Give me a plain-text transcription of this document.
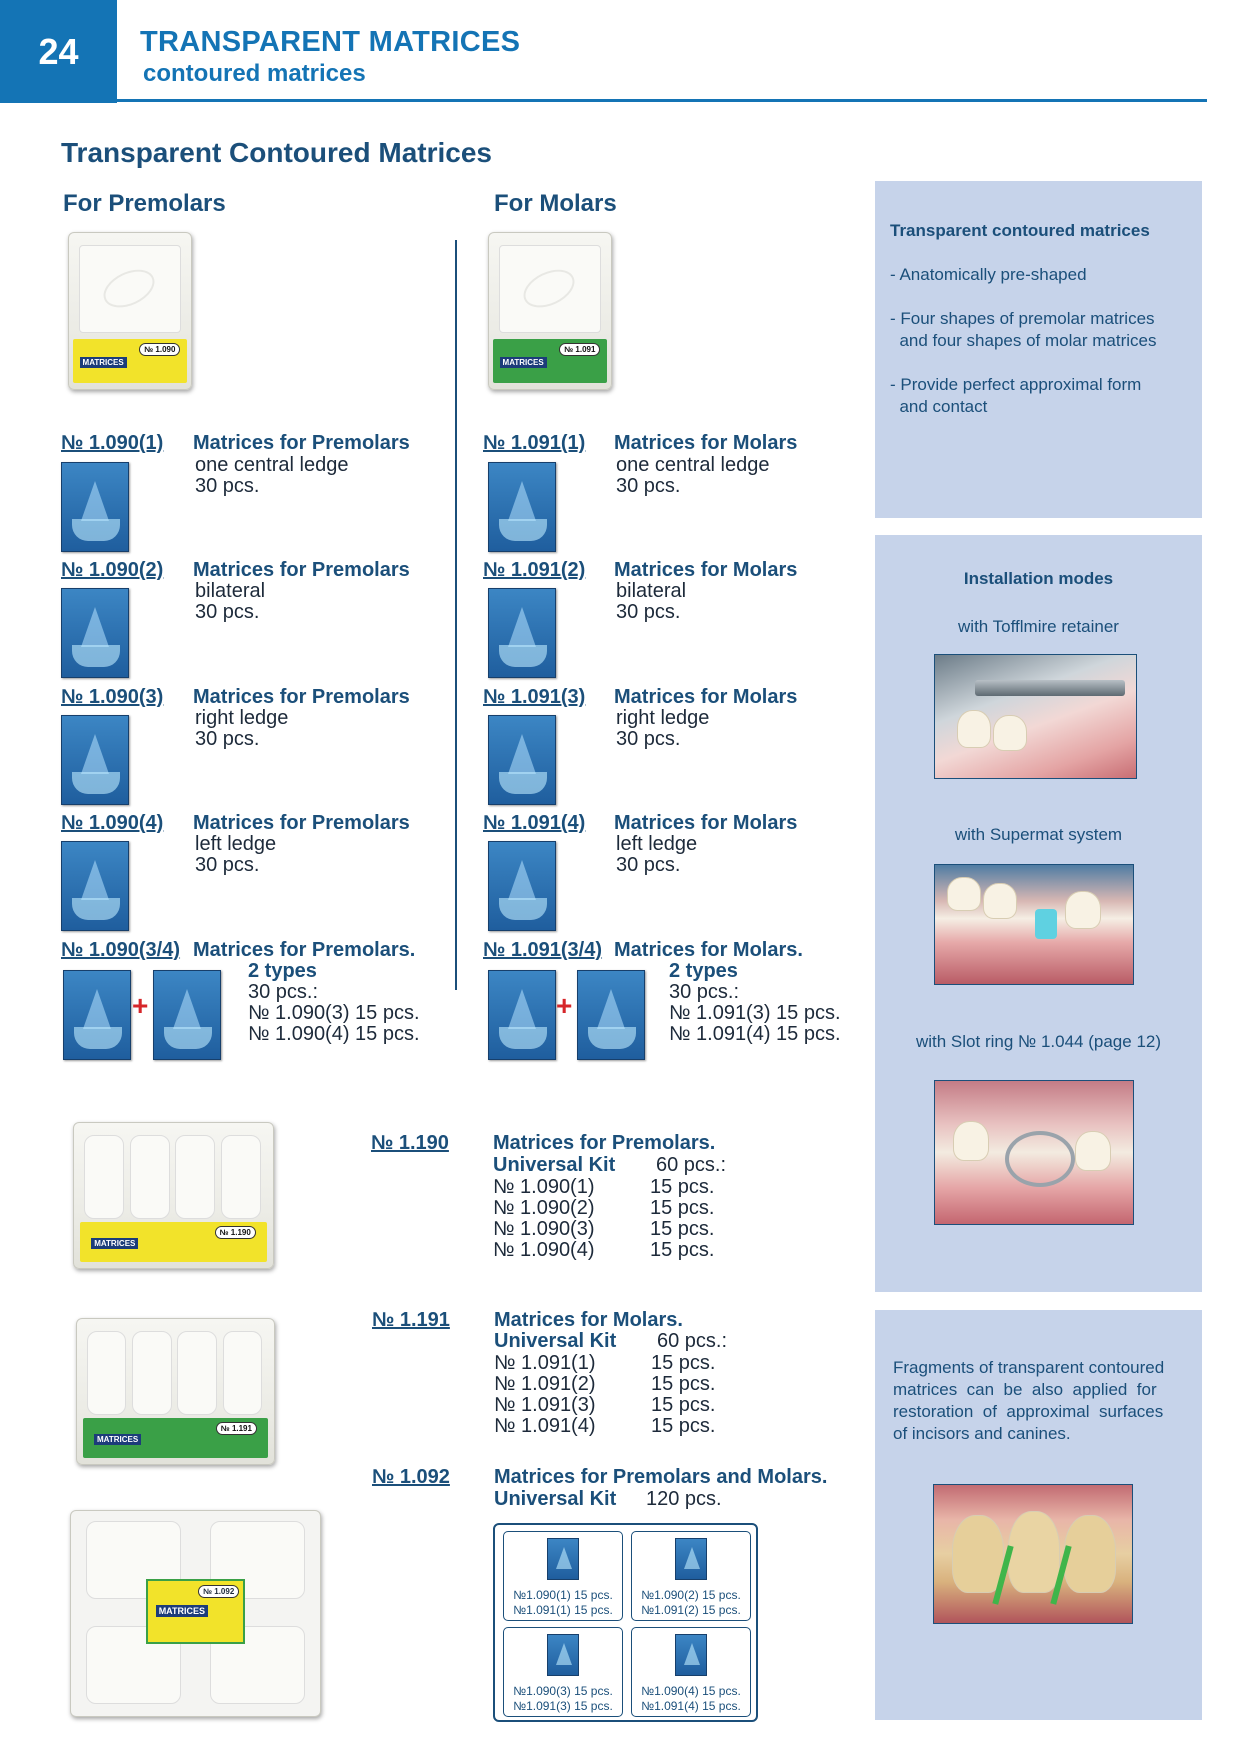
24	TRANSPARENT MATRICES
contoured matrices
Transparent Contoured Matrices
For Premolars	For Molars
№ 1.090
MATRICES
№ 1.091
MATRICES
№ 1.090(1) Matrices for Premolars
one central ledge
30 pcs.
№ 1.090(2) Matrices for Premolars
bilateral
30 pcs.
№ 1.090(3) Matrices for Premolars
right ledge
30 pcs.
№ 1.090(4) Matrices for Premolars
left ledge
30 pcs.
№ 1.090(3/4) Matrices for Premolars.
2 types
30 pcs.:
№ 1.090(3) 15 pcs.
№ 1.090(4) 15 pcs.
+
№ 1.091(1) Matrices for Molars
one central ledge
30 pcs.
№ 1.091(2) Matrices for Molars
bilateral
30 pcs.
№ 1.091(3) Matrices for Molars
right ledge
30 pcs.
№ 1.091(4) Matrices for Molars
left ledge
30 pcs.
№ 1.091(3/4) Matrices for Molars.
2 types
30 pcs.:
№ 1.091(3) 15 pcs.
№ 1.091(4) 15 pcs.
+
№ 1.190
MATRICES
№ 1.191
MATRICES
№ 1.092
MATRICES
№ 1.190 Matrices for Premolars.
Universal Kit 60 pcs.:
№ 1.090(1)	15 pcs.
№ 1.090(2)	15 pcs.
№ 1.090(3)	15 pcs.
№ 1.090(4)	15 pcs.
№ 1.191 Matrices for Molars.
Universal Kit 60 pcs.:
№ 1.091(1)	15 pcs.
№ 1.091(2)	15 pcs.
№ 1.091(3)	15 pcs.
№ 1.091(4)	15 pcs.
№ 1.092 Matrices for Premolars and Molars.
Universal Kit 120 pcs.
№1.090(1) 15 pcs.
№1.091(1) 15 pcs.
№1.090(2) 15 pcs.
№1.091(2) 15 pcs.
№1.090(3) 15 pcs.
№1.091(3) 15 pcs.
№1.090(4) 15 pcs.
№1.091(4) 15 pcs.
Transparent contoured matrices
- Anatomically pre-shaped
- Four shapes of premolar matrices
and four shapes of molar matrices
- Provide perfect approximal form
and contact
Installation modes
with Tofflmire retainer
with Supermat system
with Slot ring № 1.044 (page 12)
Fragments of transparent contoured
matrices  can  be  also  applied  for
restoration  of  approximal  surfaces
of incisors and canines.
